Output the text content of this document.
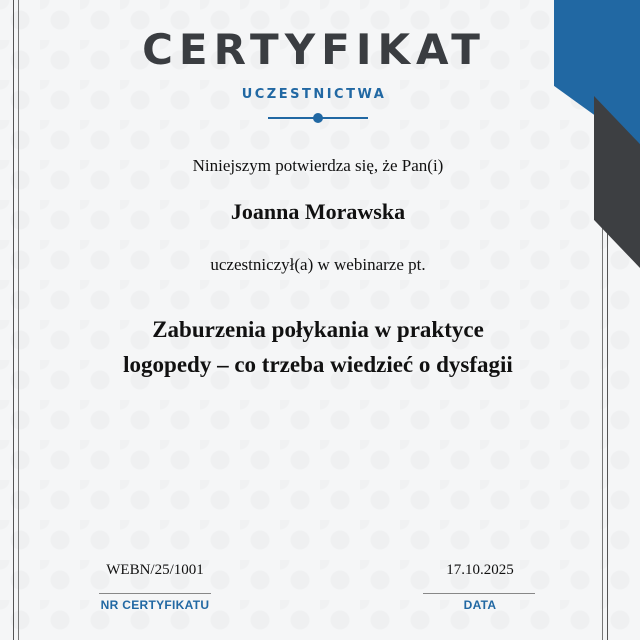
CERTYFIKAT
UCZESTNICTWA
Niniejszym potwierdza się, że Pan(i)
Joanna Morawska
uczestniczył(a) w webinarze pt.
Zaburzenia połykania w praktyce
logopedy – co trzeba wiedzieć o dysfagii
WEBN/25/1001	17.10.2025
NR CERTYFIKATU	DATA
